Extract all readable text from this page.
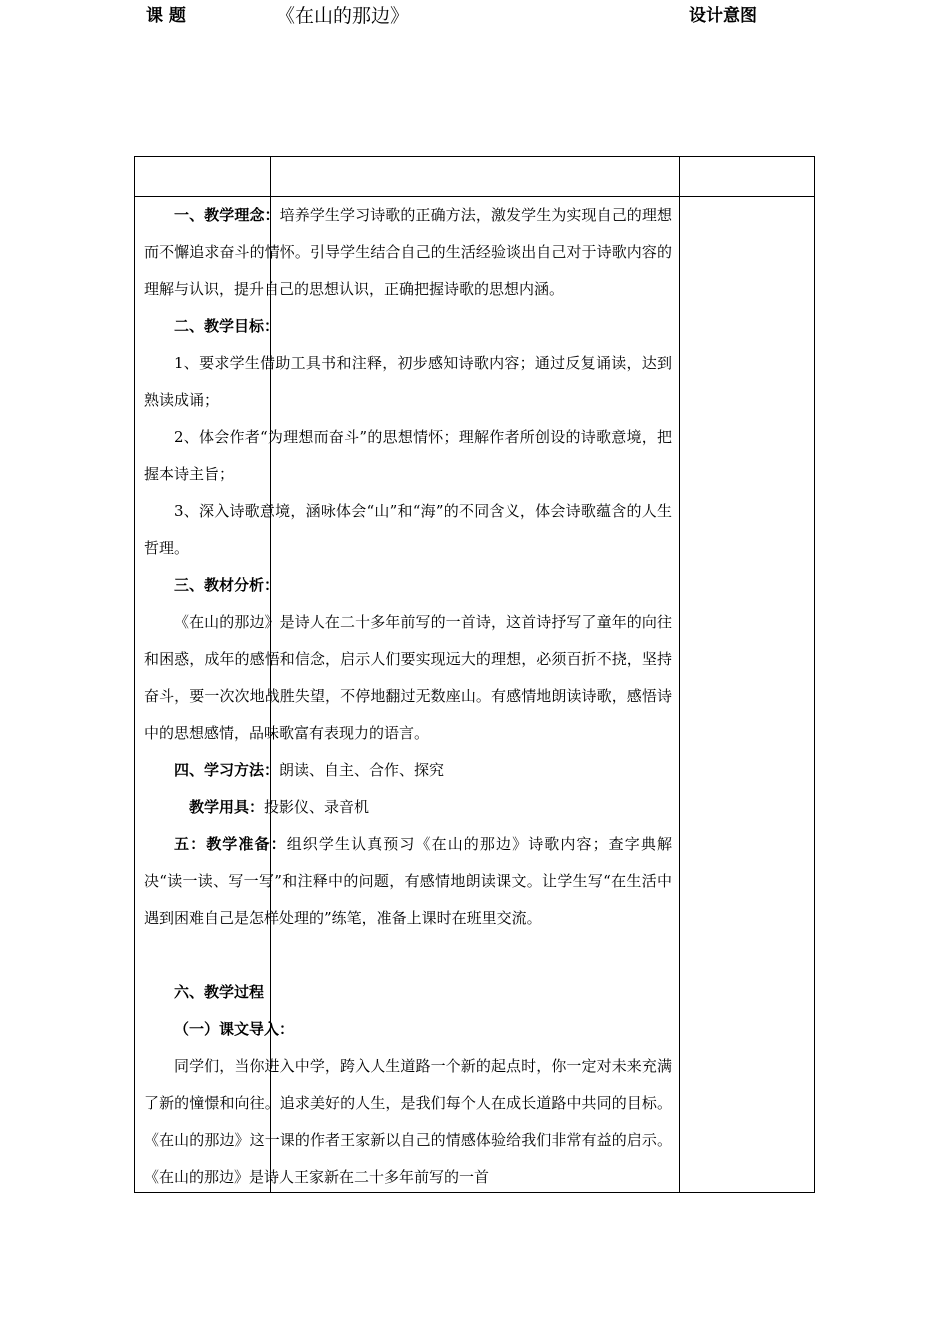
课 题	《在山的那边》	设计意图

一、教学理念：培养学生学习诗歌的正确方法，激发学生为实现自己的理想而不懈追求奋斗的情怀。引导学生结合自己的生活经验谈出自己对于诗歌内容的理解与认识，提升自己的思想认识，正确把握诗歌的思想内涵。

二、教学目标：

1、要求学生借助工具书和注释，初步感知诗歌内容；通过反复诵读，达到熟读成诵；

2、体会作者“为理想而奋斗”的思想情怀；理解作者所创设的诗歌意境，把握本诗主旨；

3、深入诗歌意境，涵咏体会“山”和“海”的不同含义，体会诗歌蕴含的人生哲理。

三、教材分析：

《在山的那边》是诗人在二十多年前写的一首诗，这首诗抒写了童年的向往和困惑，成年的感悟和信念，启示人们要实现远大的理想，必须百折不挠，坚持奋斗，要一次次地战胜失望，不停地翻过无数座山。有感情地朗读诗歌，感悟诗中的思想感情，品味歌富有表现力的语言。

四、学习方法：朗读、自主、合作、探究

教学用具：投影仪、录音机

五：教学准备：组织学生认真预习《在山的那边》诗歌内容；查字典解决“读一读、写一写”和注释中的问题，有感情地朗读课文。让学生写“在生活中遇到困难自己是怎样处理的”练笔，准备上课时在班里交流。

六、教学过程

（一）课文导入：

同学们，当你进入中学，跨入人生道路一个新的起点时，你一定对未来充满了新的憧憬和向往。追求美好的人生，是我们每个人在成长道路中共同的目标。《在山的那边》这一课的作者王家新以自己的情感体验给我们非常有益的启示。《在山的那边》是诗人王家新在二十多年前写的一首
